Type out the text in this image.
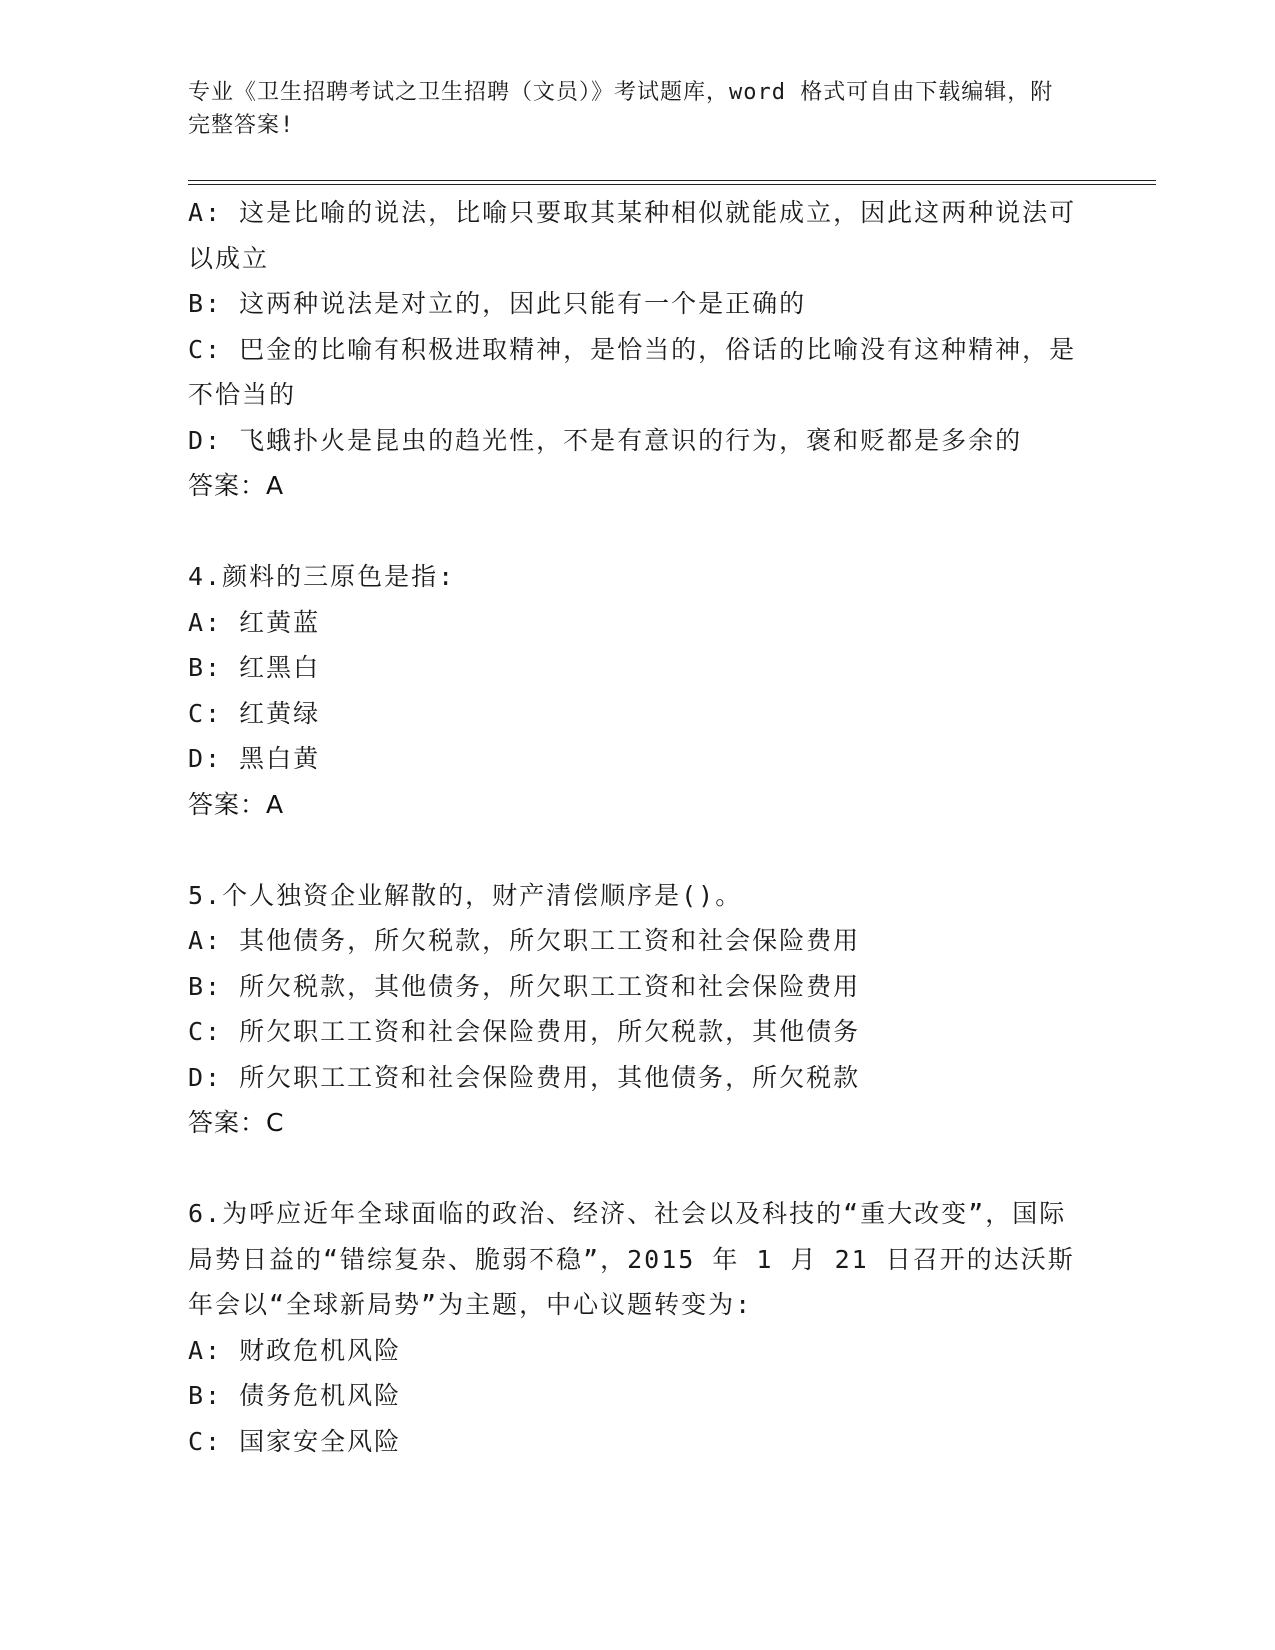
专业《卫生招聘考试之卫生招聘（文员）》考试题库，word 格式可自由下载编辑，附完整答案!
A: 这是比喻的说法，比喻只要取其某种相似就能成立，因此这两种说法可以成立
B: 这两种说法是对立的，因此只能有一个是正确的
C: 巴金的比喻有积极进取精神，是恰当的，俗话的比喻没有这种精神，是不恰当的
D: 飞蛾扑火是昆虫的趋光性，不是有意识的行为，褒和贬都是多余的
答案：A
4.颜料的三原色是指:
A: 红黄蓝
B: 红黑白
C: 红黄绿
D: 黑白黄
答案：A
5.个人独资企业解散的，财产清偿顺序是()。
A: 其他债务，所欠税款，所欠职工工资和社会保险费用
B: 所欠税款，其他债务，所欠职工工资和社会保险费用
C: 所欠职工工资和社会保险费用，所欠税款，其他债务
D: 所欠职工工资和社会保险费用，其他债务，所欠税款
答案：C
6.为呼应近年全球面临的政治、经济、社会以及科技的“重大改变”，国际局势日益的“错综复杂、脆弱不稳”，2015 年 1 月 21 日召开的达沃斯年会以“全球新局势”为主题，中心议题转变为:
A: 财政危机风险
B: 债务危机风险
C: 国家安全风险
